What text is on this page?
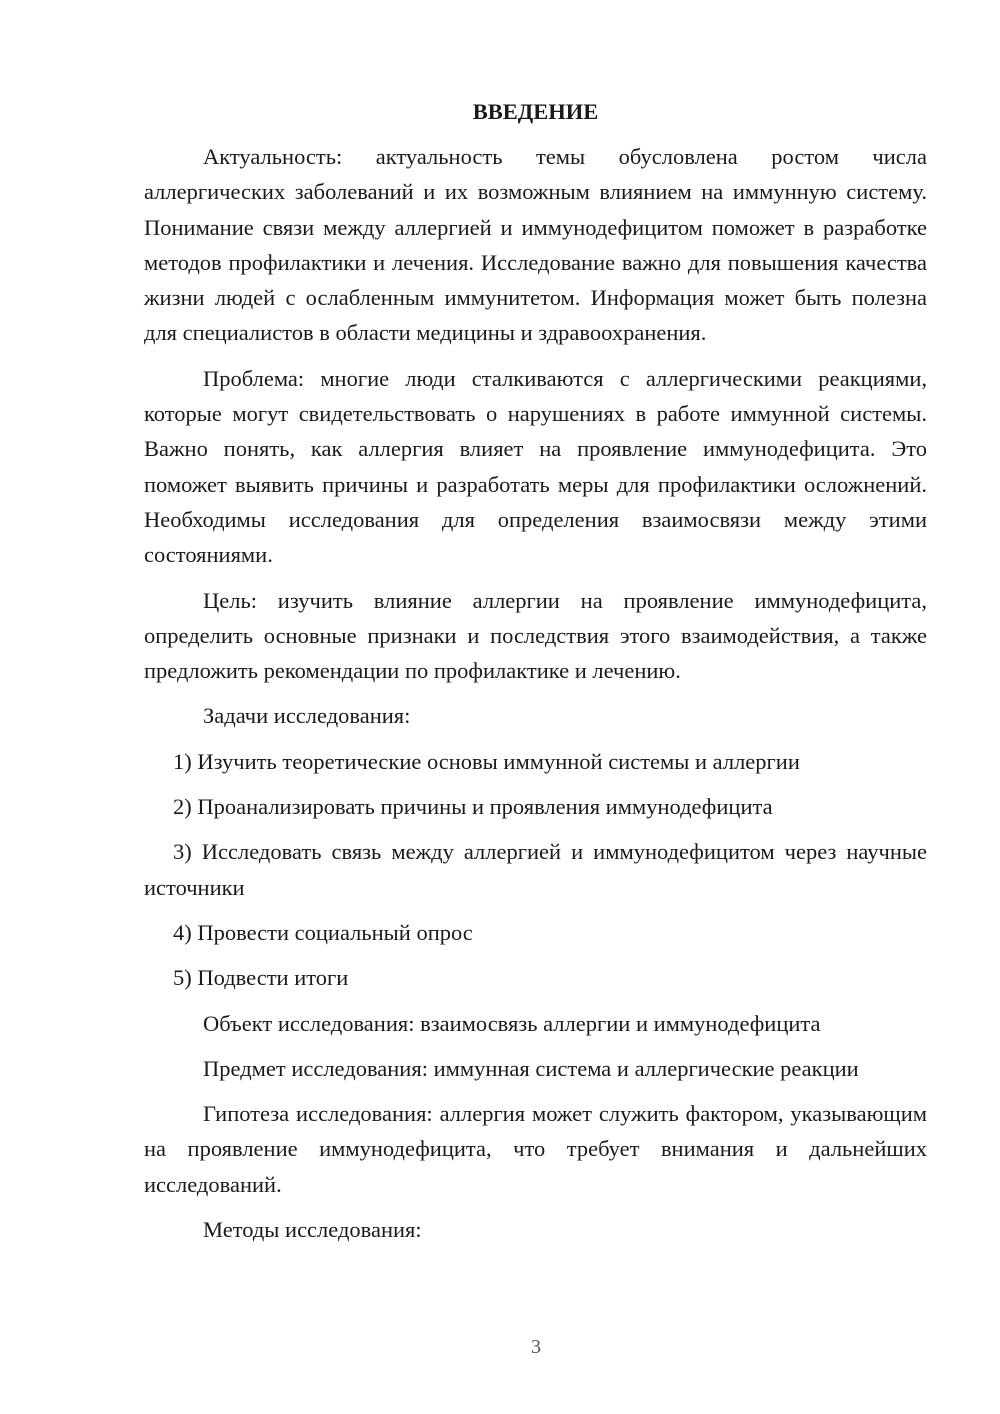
ВВЕДЕНИЕ

Актуальность: актуальность темы обусловлена ростом числа аллергических заболеваний и их возможным влиянием на иммунную систему. Понимание связи между аллергией и иммунодефицитом поможет в разработке методов профилактики и лечения. Исследование важно для повышения качества жизни людей с ослабленным иммунитетом. Информация может быть полезна для специалистов в области медицины и здравоохранения.

Проблема: многие люди сталкиваются с аллергическими реакциями, которые могут свидетельствовать о нарушениях в работе иммунной системы. Важно понять, как аллергия влияет на проявление иммунодефицита. Это поможет выявить причины и разработать меры для профилактики осложнений. Необходимы исследования для определения взаимосвязи между этими состояниями.

Цель: изучить влияние аллергии на проявление иммунодефицита, определить основные признаки и последствия этого взаимодействия, а также предложить рекомендации по профилактике и лечению.

Задачи исследования:

1) Изучить теоретические основы иммунной системы и аллергии

2) Проанализировать причины и проявления иммунодефицита

3) Исследовать связь между аллергией и иммунодефицитом через научные источники

4) Провести социальный опрос

5) Подвести итоги

Объект исследования: взаимосвязь аллергии и иммунодефицита

Предмет исследования: иммунная система и аллергические реакции

Гипотеза исследования: аллергия может служить фактором, указывающим на проявление иммунодефицита, что требует внимания и дальнейших исследований.

Методы исследования:

3
